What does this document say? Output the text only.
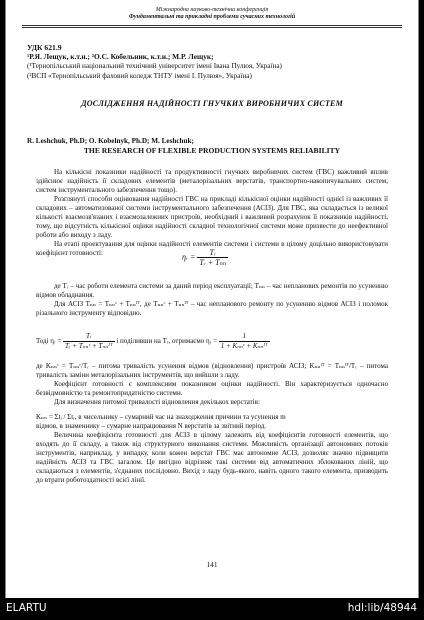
Міжнародна науково-технічна конференція
Фундаментальні та прикладні проблеми сучасних технологій
УДК 621.9
¹Р.Я. Лещук, к.т.н.; ²О.С. Кобельник, к.т.н.; М.Р. Лещук;
(¹Тернопільський національний технічний університет імені Івана Пулюя, Україна)
(²ВСП «Тернопільський фаховий коледж ТНТУ імені І. Пулюя», Україна)
ДОСЛІДЖЕННЯ НАДІЙНОСТІ ГНУЧКИХ ВИРОБНИЧИХ СИСТЕМ
R. Leshchuk, Ph.D; O. Kobelnyk, Ph.D; M. Leshchuk;
THE RESEARCH OF FLEXIBLE PRODUCTION SYSTEMS RELIABILITY

На кількісні показники надійності та продуктивності гнучких виробничих систем (ГВС) важливий вплив здійснює надійність її складових елементів (металорізальних верстатів, транспортно-накопичувальних систем, систем інструментального забезпечення тощо).

Розглянуті способи оцінювання надійності ГВС на прикладі кількісної оцінки надійності однієї із важливих її складових – автоматизованої системи інструментального забезпечення (АСІЗ). Для ГВС, яка складається із великої кількості взаємозв'язаних і взаємозалежних пристроїв, необхідний і важливий розрахунок її показників надійності, тому, що відсутність кількісної оцінки надійності складної технологічної системи може призвести до неефективної роботи або виходу з ладу.

На етапі проектування для оцінки надійності елементів системи і системи в цілому доцільно використовувати коефіцієнт готовності:	ηᵣ = $\frac{\text{Tᵣ}}{\text{Tᵣ + Tₙₙ}}$

де Tᵣ – час роботи елемента системи за даний період експлуатації; Tₙₙ – час непланових ремонтів по усуненню відмов обладнання.

Для АСІЗ Tₙₙ = Tₙₙᶜ + Tₙₙᴵᵀ, де Tₙₙᶜ + Tₙₙᴵᵀ – час непланового ремонту по усуненню відмов АСІЗ і поломок різального інструменту відповідно.

Тоді ηᵣ = $\frac{\text{Tᵣ}}{\text{Tᵣ + Tₙₙᶜ + Tₙₙᴵᵀ}}$ і поділивши на Tᵣ, отримаємо ηᵣ = $\frac{1}{\text{1 + Kₙₙᶜ + Kₙₙᴵᵀ}}$

де Kₙₙᶜ = Tₙₙᶜ/Tᵣ – питома тривалість усунення відмов (відновлення) пристроїв АСІЗ; Kₙₙᴵᵀ = Tₙₙᴵᵀ/Tᵣ – питома тривалість заміни металорізальних інструментів, що вийшли з ладу.

Коефіцієнт готовності є комплексним показником оцінки надійності. Він характеризується одночасно безвідмовністю та ремонтопридатністю системи.

Для визначення питомої тривалості відновлення декількох верстатів:

Kₙₙ = Σtᵢ / Σtᵣ, в чисельнику – сумарний час на знаходження причини та усунення m

відмов, в знаменнику – сумарне напрацювання N верстатів за звітний період.

Величина коефіцієнта готовності для АСІЗ в цілому залежить від коефіцієнтів готовності елементів, що входять до її складу, а також від структурного виконання системи. Можливість організації автономних потоків інструментів, наприклад, у випадку, коли кожен верстат ГВС має автономне АСІЗ, дозволяє значно підвищити надійність АСІЗ та ГВС загалом. Це вигідно відрізняє такі системи від автоматичних зблокованих ліній, що складаються з елементів, з'єднаних послідовно. Вихід з ладу будь-якого, навіть одного такого елемента, призводить до втрати роботоздатності всієї лінії.

141
ELARTU	hdl:lib/48944
